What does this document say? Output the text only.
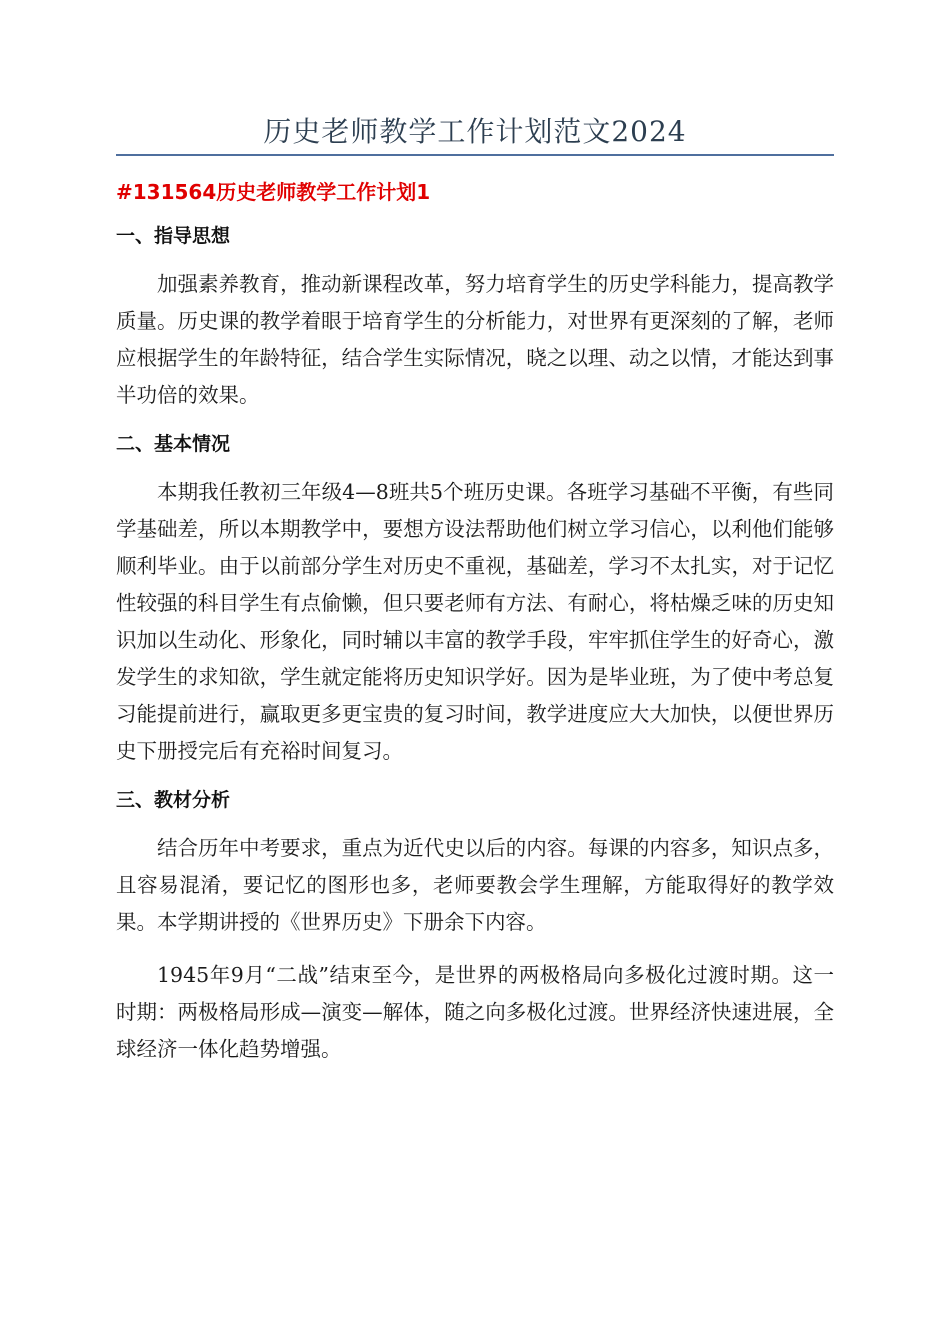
历史老师教学工作计划范文2024
#131564历史老师教学工作计划1
一、指导思想

加强素养教育，推动新课程改革，努力培育学生的历史学科能力，提高教学质量。历史课的教学着眼于培育学生的分析能力，对世界有更深刻的了解，老师应根据学生的年龄特征，结合学生实际情况，晓之以理、动之以情，才能达到事半功倍的效果。

二、基本情况

本期我任教初三年级4—8班共5个班历史课。各班学习基础不平衡，有些同学基础差，所以本期教学中，要想方设法帮助他们树立学习信心，以利他们能够顺利毕业。由于以前部分学生对历史不重视，基础差，学习不太扎实，对于记忆性较强的科目学生有点偷懒，但只要老师有方法、有耐心，将枯燥乏味的历史知识加以生动化、形象化，同时辅以丰富的教学手段，牢牢抓住学生的好奇心，激发学生的求知欲，学生就定能将历史知识学好。因为是毕业班，为了使中考总复习能提前进行，赢取更多更宝贵的复习时间，教学进度应大大加快，以便世界历史下册授完后有充裕时间复习。

三、教材分析

结合历年中考要求，重点为近代史以后的内容。每课的内容多，知识点多，且容易混淆，要记忆的图形也多，老师要教会学生理解，方能取得好的教学效果。本学期讲授的《世界历史》下册余下内容。

1945年9月“二战”结束至今，是世界的两极格局向多极化过渡时期。这一时期：两极格局形成—演变—解体，随之向多极化过渡。世界经济快速进展，全球经济一体化趋势增强。
